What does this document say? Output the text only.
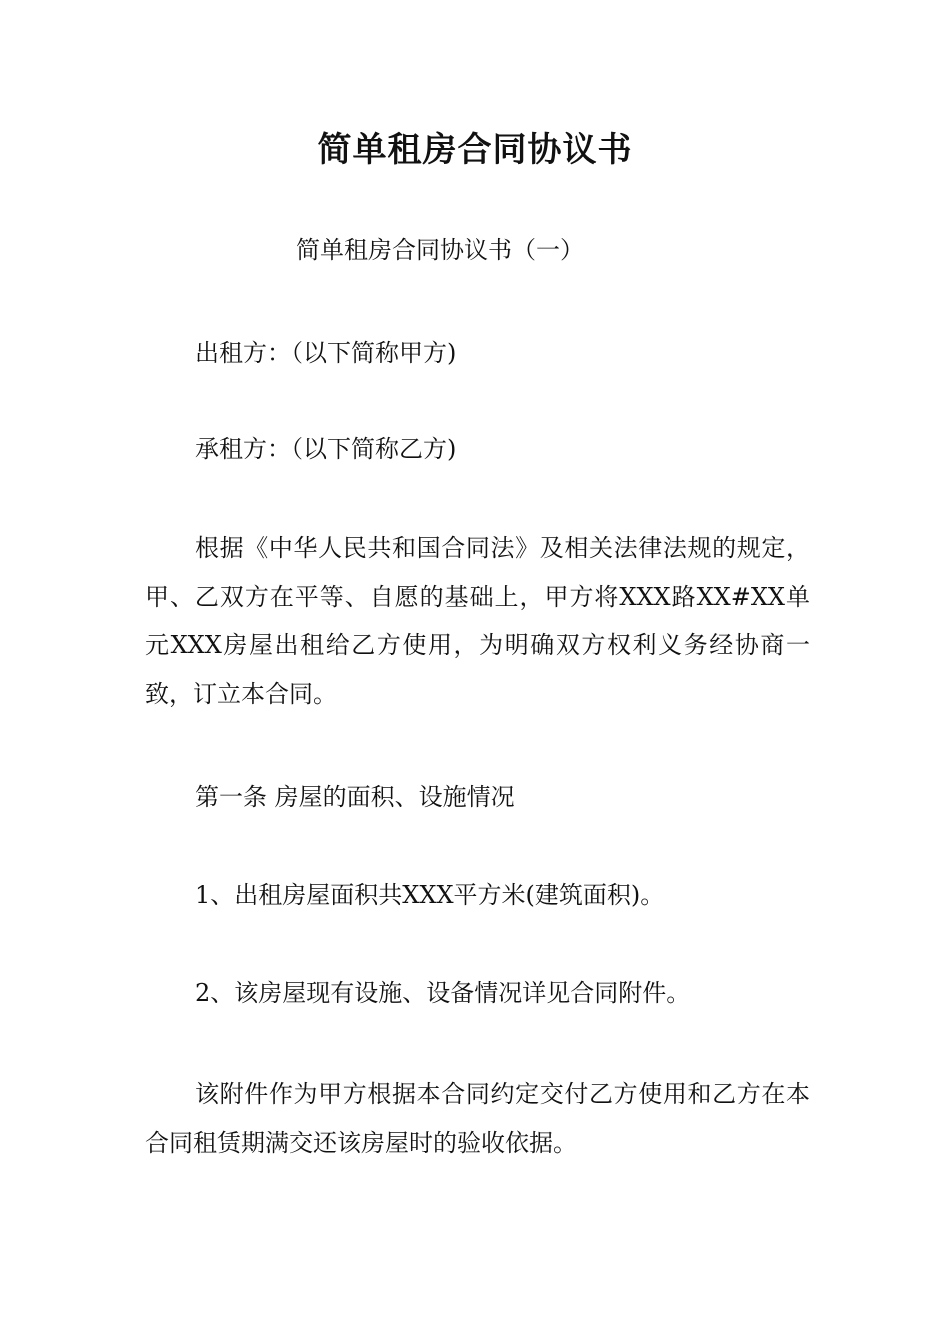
简单租房合同协议书

简单租房合同协议书（一）

出租方：（以下简称甲方)

承租方：（以下简称乙方)

根据《中华人民共和国合同法》及相关法律法规的规定，甲、乙双方在平等、自愿的基础上，甲方将XXX路XX#XX单元XXX房屋出租给乙方使用，为明确双方权利义务经协商一致，订立本合同。

第一条 房屋的面积、设施情况

1、出租房屋面积共XXX平方米(建筑面积)。

2、该房屋现有设施、设备情况详见合同附件。

该附件作为甲方根据本合同约定交付乙方使用和乙方在本合同租赁期满交还该房屋时的验收依据。
